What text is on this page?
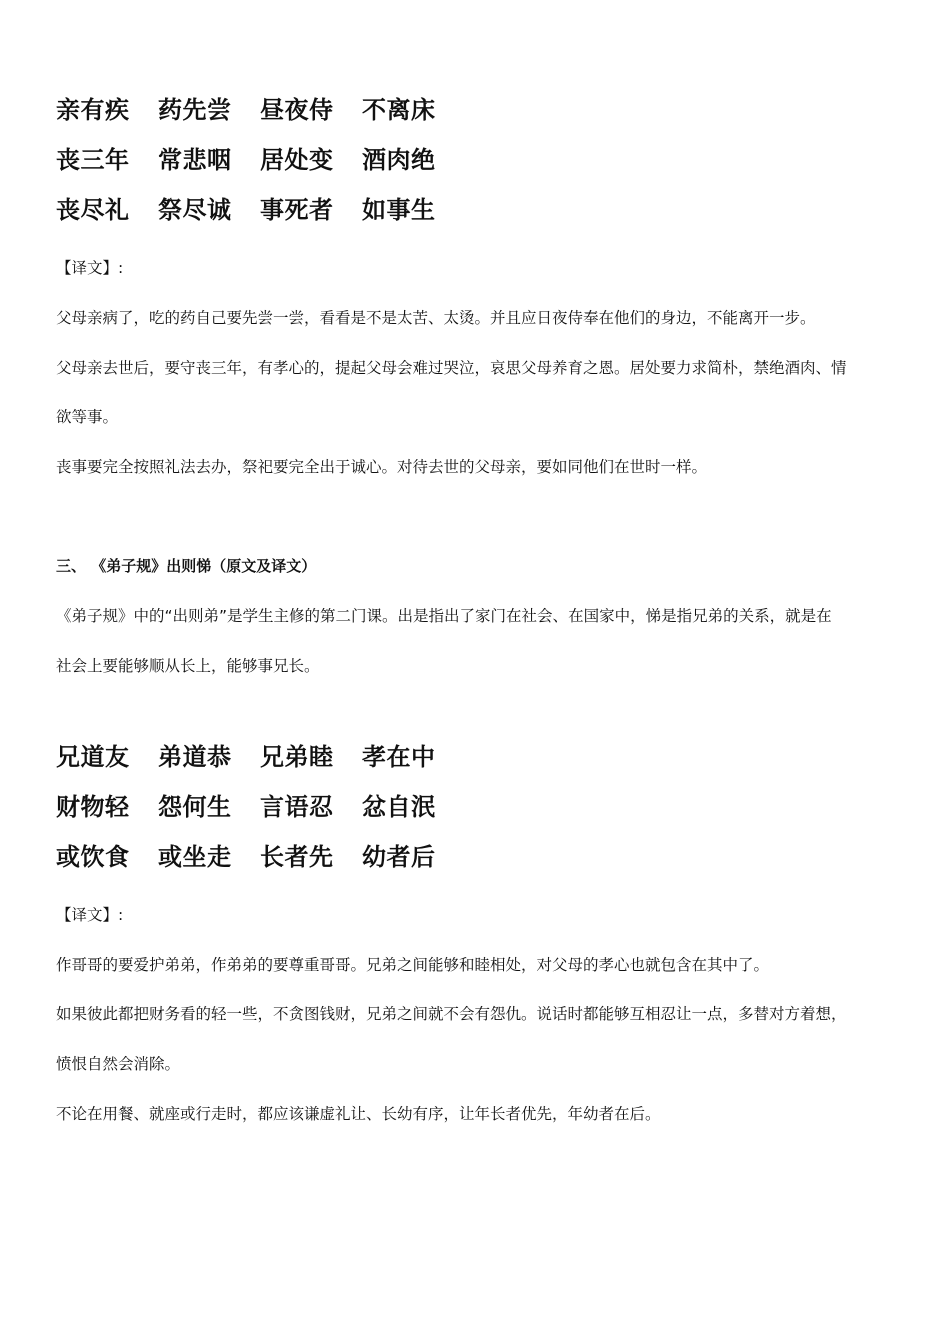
亲有疾 药先尝 昼夜侍 不离床
丧三年 常悲咽 居处变 酒肉绝
丧尽礼 祭尽诚 事死者 如事生
【译文】:
父母亲病了，吃的药自己要先尝一尝，看看是不是太苦、太烫。并且应日夜侍奉在他们的身边，不能离开一步。
父母亲去世后，要守丧三年，有孝心的，提起父母会难过哭泣，哀思父母养育之恩。居处要力求简朴，禁绝酒肉、情
欲等事。
丧事要完全按照礼法去办，祭祀要完全出于诚心。对待去世的父母亲，要如同他们在世时一样。
三、 《弟子规》出则悌（原文及译文）
《弟子规》中的“出则弟”是学生主修的第二门课。出是指出了家门在社会、在国家中，悌是指兄弟的关系，就是在
社会上要能够顺从长上，能够事兄长。
兄道友 弟道恭 兄弟睦 孝在中
财物轻 怨何生 言语忍 忿自泯
或饮食 或坐走 长者先 幼者后
【译文】:
作哥哥的要爱护弟弟，作弟弟的要尊重哥哥。兄弟之间能够和睦相处，对父母的孝心也就包含在其中了。
如果彼此都把财务看的轻一些，不贪图钱财，兄弟之间就不会有怨仇。说话时都能够互相忍让一点，多替对方着想，
愤恨自然会消除。
不论在用餐、就座或行走时，都应该谦虚礼让、长幼有序，让年长者优先，年幼者在后。
